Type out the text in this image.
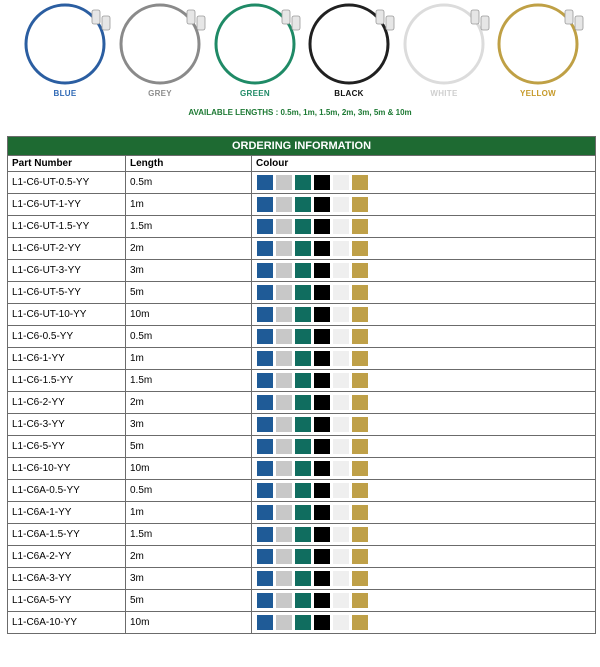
BLUE	GREY	GREEN	BLACK	WHITE	YELLOW
AVAILABLE LENGTHS : 0.5m, 1m, 1.5m, 2m, 3m, 5m & 10m
ORDERING INFORMATION		
Part Number	Length	Colour
L1-C6-UT-0.5-YY	0.5m	

L1-C6-UT-1-YY	1m	

L1-C6-UT-1.5-YY	1.5m	

L1-C6-UT-2-YY	2m	

L1-C6-UT-3-YY	3m	

L1-C6-UT-5-YY	5m	

L1-C6-UT-10-YY	10m	

L1-C6-0.5-YY	0.5m	

L1-C6-1-YY	1m	

L1-C6-1.5-YY	1.5m	

L1-C6-2-YY	2m	

L1-C6-3-YY	3m	

L1-C6-5-YY	5m	

L1-C6-10-YY	10m	

L1-C6A-0.5-YY	0.5m	

L1-C6A-1-YY	1m	

L1-C6A-1.5-YY	1.5m	

L1-C6A-2-YY	2m	

L1-C6A-3-YY	3m	

L1-C6A-5-YY	5m	

L1-C6A-10-YY	10m	
